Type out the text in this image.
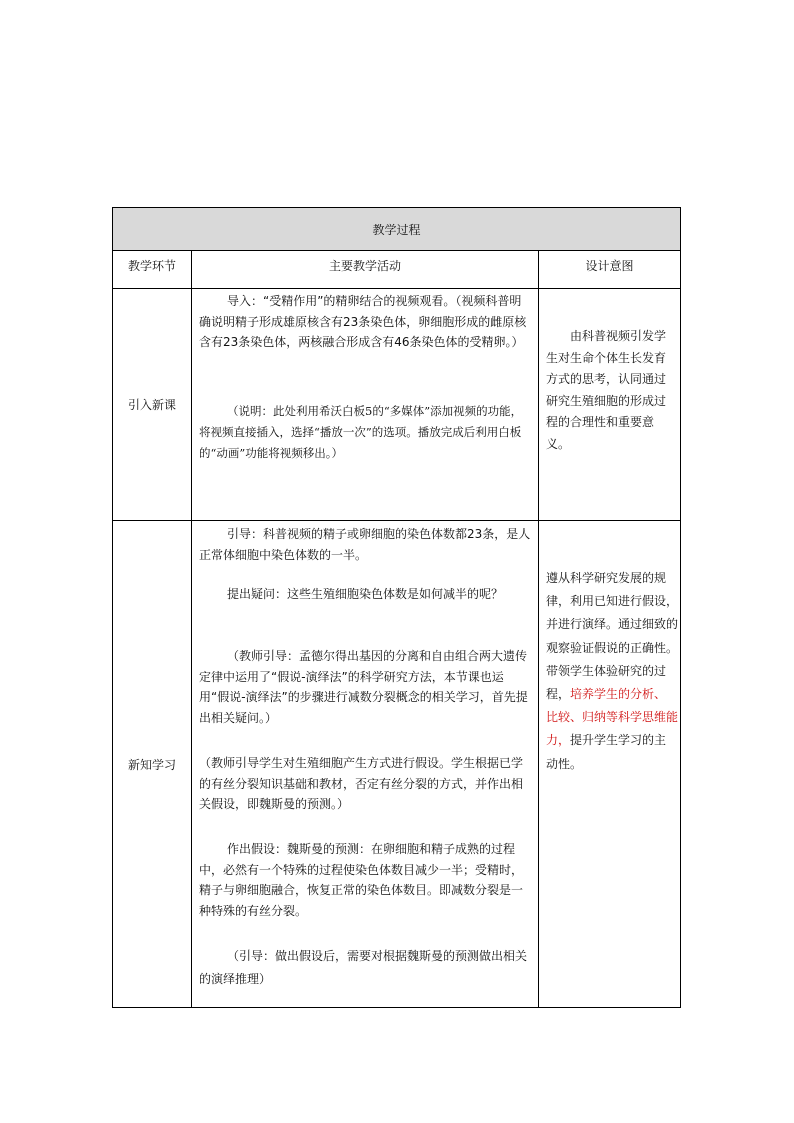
教学过程
教学环节	主要教学活动	设计意图
引入新课

导入：“受精作用”的精卵结合的视频观看。（视频科普明确说明精子形成雄原核含有23条染色体，卵细胞形成的雌原核含有23条染色体，两核融合形成含有46条染色体的受精卵。）

（说明：此处利用希沃白板5的“多媒体”添加视频的功能，将视频直接插入，选择“播放一次”的选项。播放完成后利用白板的“动画”功能将视频移出。）

由科普视频引发学生对生命个体生长发育方式的思考，认同通过研究生殖细胞的形成过程的合理性和重要意义。

新知学习

引导：科普视频的精子或卵细胞的染色体数都23条，是人正常体细胞中染色体数的一半。

提出疑问：这些生殖细胞染色体数是如何减半的呢？

（教师引导：孟德尔得出基因的分离和自由组合两大遗传定律中运用了“假说-演绎法”的科学研究方法，本节课也运用“假说-演绎法”的步骤进行减数分裂概念的相关学习，首先提出相关疑问。）

（教师引导学生对生殖细胞产生方式进行假设。学生根据已学的有丝分裂知识基础和教材，否定有丝分裂的方式，并作出相关假设，即魏斯曼的预测。）

作出假设：魏斯曼的预测：在卵细胞和精子成熟的过程中，必然有一个特殊的过程使染色体数目减少一半；受精时，精子与卵细胞融合，恢复正常的染色体数目。即减数分裂是一种特殊的有丝分裂。

（引导：做出假设后，需要对根据魏斯曼的预测做出相关的演绎推理）

遵从科学研究发展的规律，利用已知进行假设，并进行演绎。通过细致的观察验证假说的正确性。带领学生体验研究的过程，培养学生的分析、比较、归纳等科学思维能力，提升学生学习的主动性。
